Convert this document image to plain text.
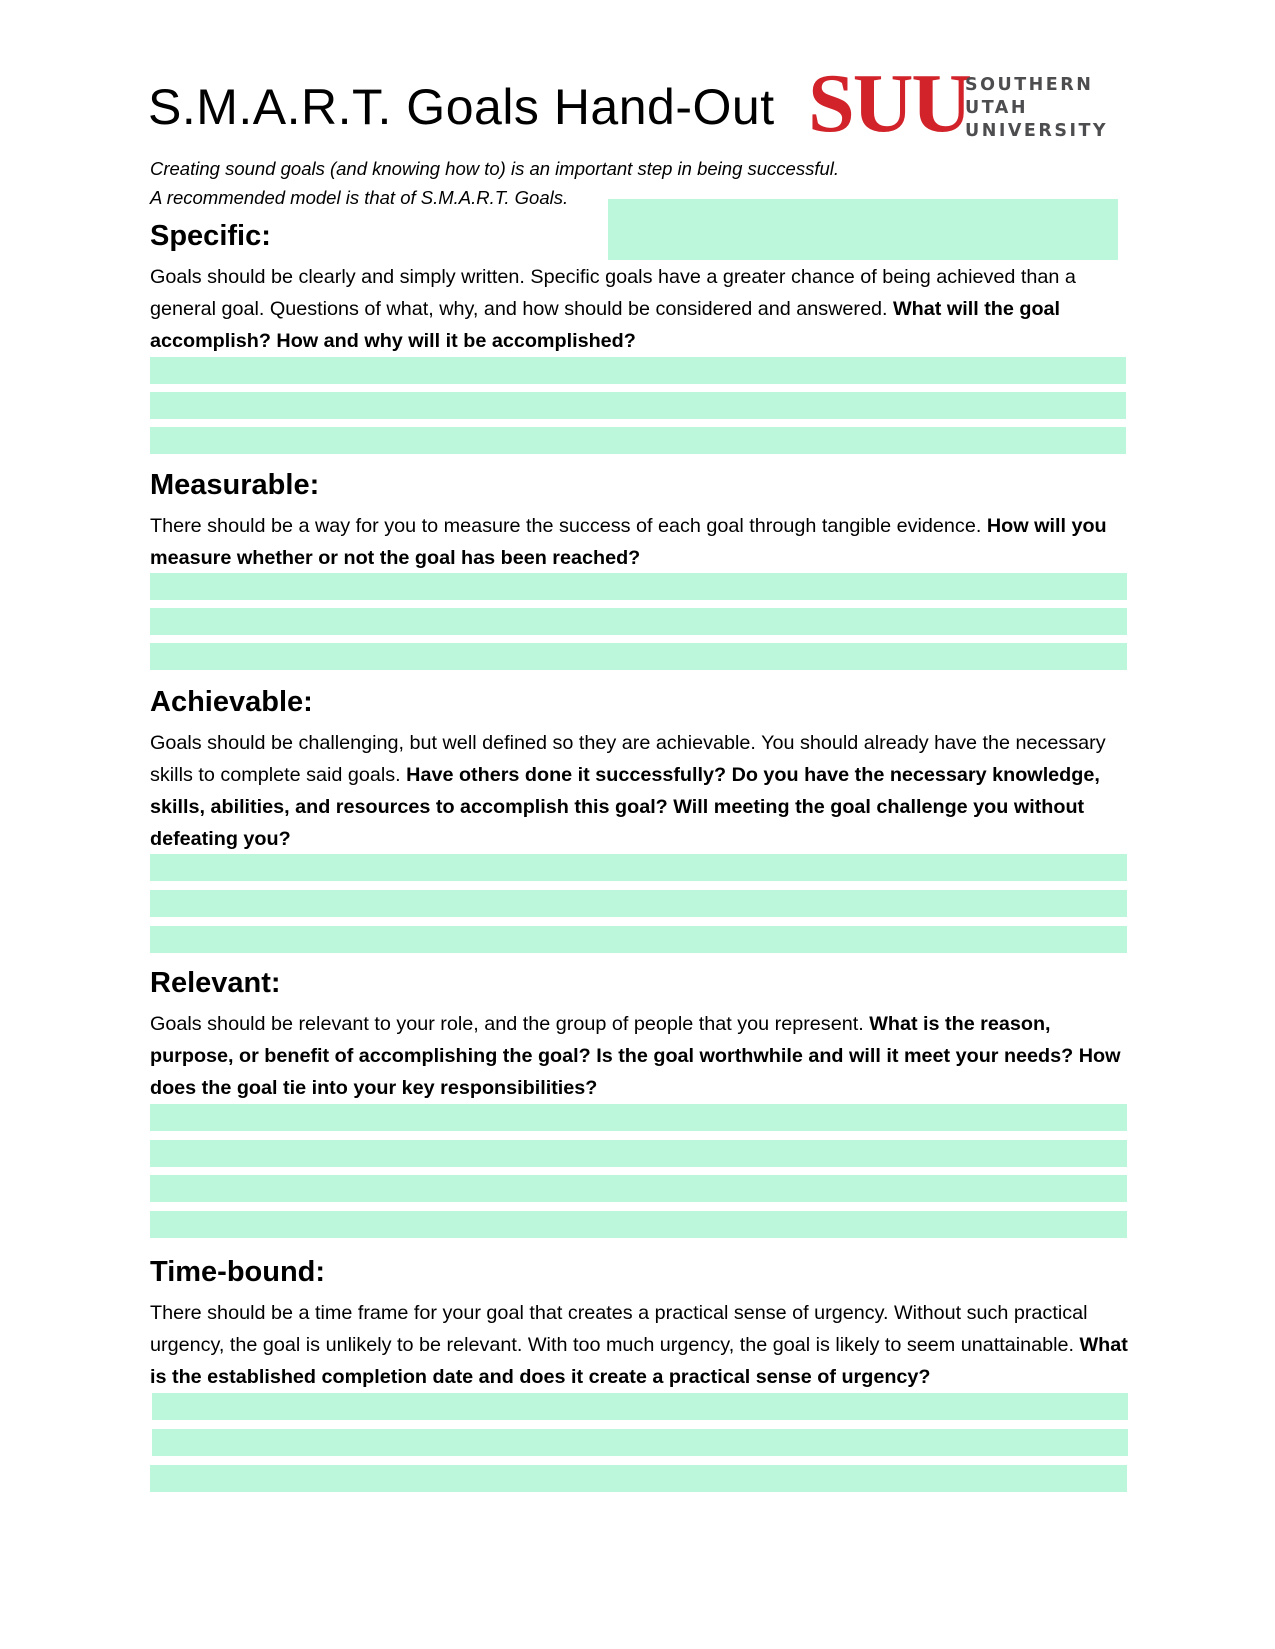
S.M.A.R.T. Goals Hand-Out SUU
SOUTHERN
UTAH
UNIVERSITY
Creating sound goals (and knowing how to) is an important step in being successful.
A recommended model is that of S.M.A.R.T. Goals.
Specific:
Goals should be clearly and simply written. Specific goals have a greater chance of being achieved than a general goal. Questions of what, why, and how should be considered and answered. What will the goal accomplish? How and why will it be accomplished?
Measurable:
There should be a way for you to measure the success of each goal through tangible evidence. How will you measure whether or not the goal has been reached?
Achievable:
Goals should be challenging, but well defined so they are achievable. You should already have the necessary skills to complete said goals. Have others done it successfully? Do you have the necessary knowledge, skills, abilities, and resources to accomplish this goal? Will meeting the goal challenge you without defeating you?
Relevant:
Goals should be relevant to your role, and the group of people that you represent. What is the reason, purpose, or benefit of accomplishing the goal? Is the goal worthwhile and will it meet your needs? How does the goal tie into your key responsibilities?
Time-bound:
There should be a time frame for your goal that creates a practical sense of urgency. Without such practical urgency, the goal is unlikely to be relevant. With too much urgency, the goal is likely to seem unattainable. What is the established completion date and does it create a practical sense of urgency?
